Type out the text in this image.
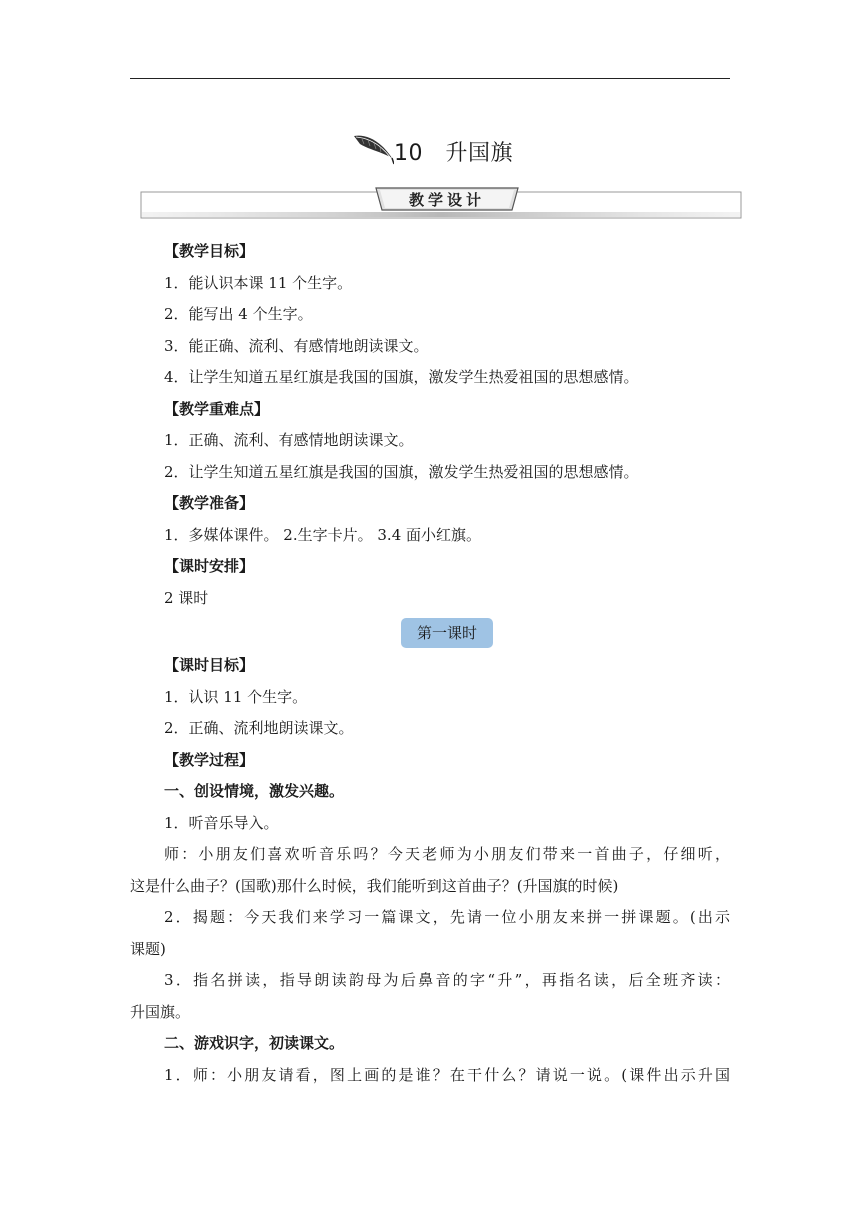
10　升国旗
教学设计
【教学目标】
1．能认识本课 11 个生字。
2．能写出 4 个生字。
3．能正确、流利、有感情地朗读课文。
4．让学生知道五星红旗是我国的国旗，激发学生热爱祖国的思想感情。
【教学重难点】
1．正确、流利、有感情地朗读课文。
2．让学生知道五星红旗是我国的国旗，激发学生热爱祖国的思想感情。
【教学准备】
1．多媒体课件。 2.生字卡片。 3.4 面小红旗。
【课时安排】
2 课时
第一课时
【课时目标】
1．认识 11 个生字。
2．正确、流利地朗读课文。
【教学过程】
一、创设情境，激发兴趣。
1．听音乐导入。
师：小朋友们喜欢听音乐吗？今天老师为小朋友们带来一首曲子，仔细听，
这是什么曲子？(国歌)那什么时候，我们能听到这首曲子？(升国旗的时候)
2．揭题：今天我们来学习一篇课文，先请一位小朋友来拼一拼课题。(出示
课题)
3．指名拼读，指导朗读韵母为后鼻音的字“升”，再指名读，后全班齐读：
升国旗。
二、游戏识字，初读课文。
1．师：小朋友请看，图上画的是谁？在干什么？请说一说。(课件出示升国
